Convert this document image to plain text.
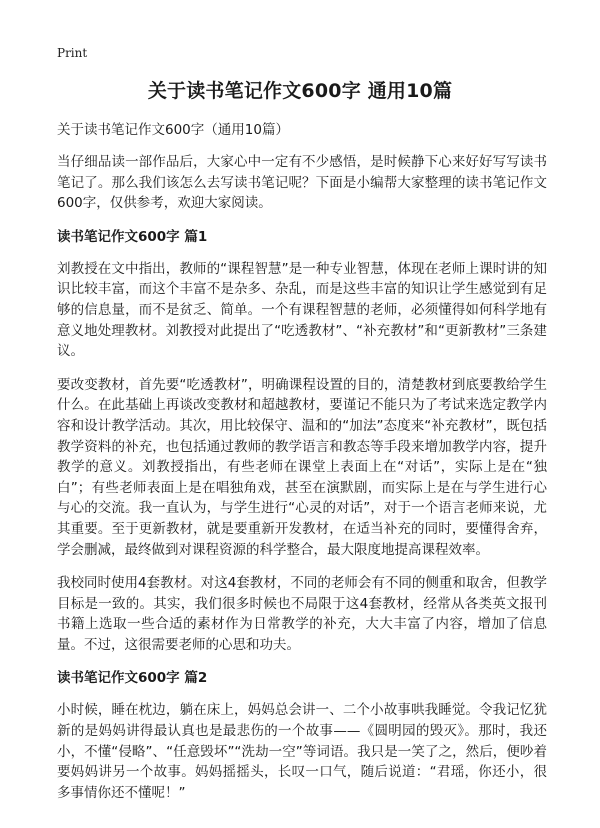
Print
关于读书笔记作文600字 通用10篇

关于读书笔记作文600字（通用10篇）

当仔细品读一部作品后，大家心中一定有不少感悟，是时候静下心来好好写写读书笔记了。那么我们该怎么去写读书笔记呢？下面是小编帮大家整理的读书笔记作文600字，仅供参考，欢迎大家阅读。

读书笔记作文600字 篇1

刘教授在文中指出，教师的“课程智慧”是一种专业智慧，体现在老师上课时讲的知识比较丰富，而这个丰富不是杂多、杂乱，而是这些丰富的知识让学生感觉到有足够的信息量，而不是贫乏、简单。一个有课程智慧的老师，必须懂得如何科学地有意义地处理教材。刘教授对此提出了“吃透教材”、“补充教材”和“更新教材”三条建议。

要改变教材，首先要“吃透教材”，明确课程设置的目的，清楚教材到底要教给学生什么。在此基础上再谈改变教材和超越教材，要谨记不能只为了考试来选定教学内容和设计教学活动。其次，用比较保守、温和的“加法”态度来“补充教材”，既包括教学资料的补充，也包括通过教师的教学语言和教态等手段来增加教学内容，提升教学的意义。刘教授指出，有些老师在课堂上表面上在“对话”，实际上是在“独白”；有些老师表面上是在唱独角戏，甚至在演默剧，而实际上是在与学生进行心与心的交流。我一直认为，与学生进行“心灵的对话”，对于一个语言老师来说，尤其重要。至于更新教材，就是要重新开发教材，在适当补充的同时，要懂得舍弃，学会删减，最终做到对课程资源的科学整合，最大限度地提高课程效率。

我校同时使用4套教材。对这4套教材，不同的老师会有不同的侧重和取舍，但教学目标是一致的。其实，我们很多时候也不局限于这4套教材，经常从各类英文报刊书籍上选取一些合适的素材作为日常教学的补充，大大丰富了内容，增加了信息量。不过，这很需要老师的心思和功夫。

读书笔记作文600字 篇2

小时候，睡在枕边，躺在床上，妈妈总会讲一、二个小故事哄我睡觉。令我记忆犹新的是妈妈讲得最认真也是最悲伤的一个故事——《圆明园的毁灭》。那时，我还小，不懂“侵略”、“任意毁坏”“洗劫一空”等词语。我只是一笑了之，然后，便吵着要妈妈讲另一个故事。妈妈摇摇头，长叹一口气，随后说道：“君瑶，你还小，很多事情你还不懂呢！”
